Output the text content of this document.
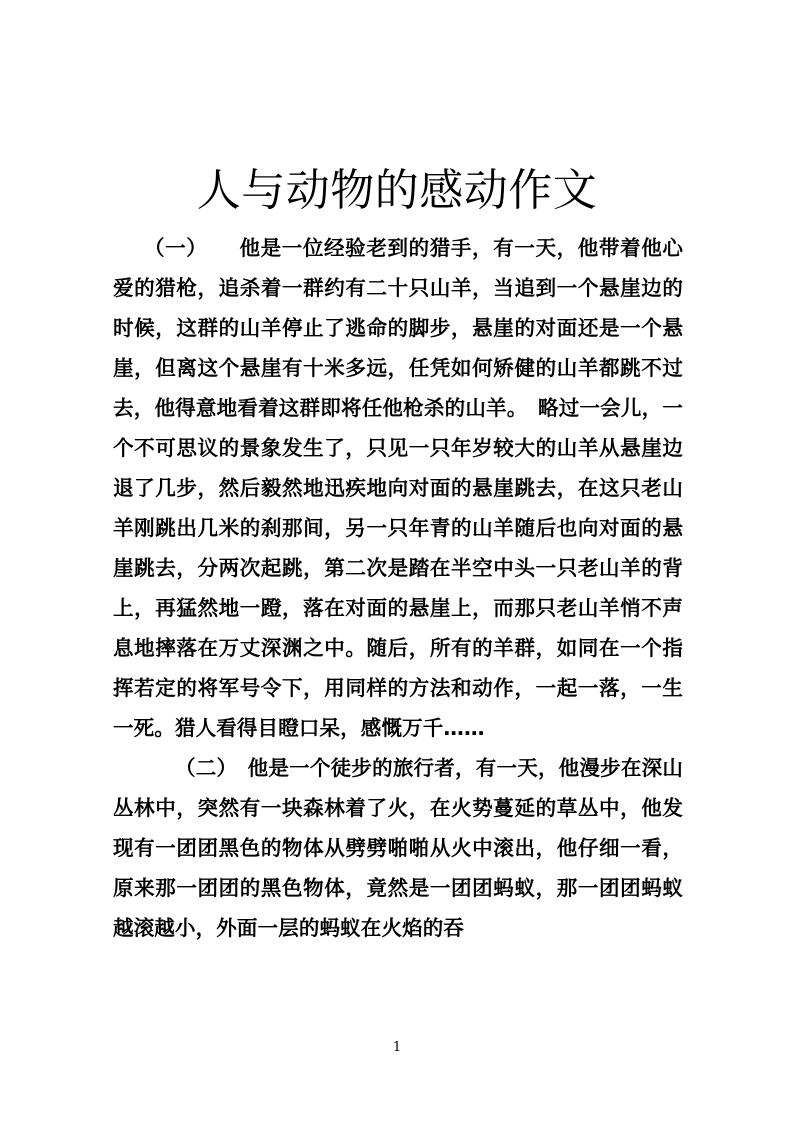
人与动物的感动作文

（一）　　他是一位经验老到的猎手，有一天，他带着他心爱的猎枪，追杀着一群约有二十只山羊，当追到一个悬崖边的时候，这群的山羊停止了逃命的脚步，悬崖的对面还是一个悬崖，但离这个悬崖有十米多远，任凭如何矫健的山羊都跳不过去，他得意地看着这群即将任他枪杀的山羊。　略过一会儿，一个不可思议的景象发生了，只见一只年岁较大的山羊从悬崖边退了几步，然后毅然地迅疾地向对面的悬崖跳去，在这只老山羊刚跳出几米的刹那间，另一只年青的山羊随后也向对面的悬崖跳去，分两次起跳，第二次是踏在半空中头一只老山羊的背上，再猛然地一蹬，落在对面的悬崖上，而那只老山羊悄不声息地摔落在万丈深渊之中。随后，所有的羊群，如同在一个指挥若定的将军号令下，用同样的方法和动作，一起一落，一生一死。猎人看得目瞪口呆，感慨万千……

（二）　他是一个徒步的旅行者，有一天，他漫步在深山丛林中，突然有一块森林着了火，在火势蔓延的草丛中，他发现有一团团黑色的物体从劈劈啪啪从火中滚出，他仔细一看，原来那一团团的黑色物体，竟然是一团团蚂蚁，那一团团蚂蚁越滚越小，外面一层的蚂蚁在火焰的吞

1
